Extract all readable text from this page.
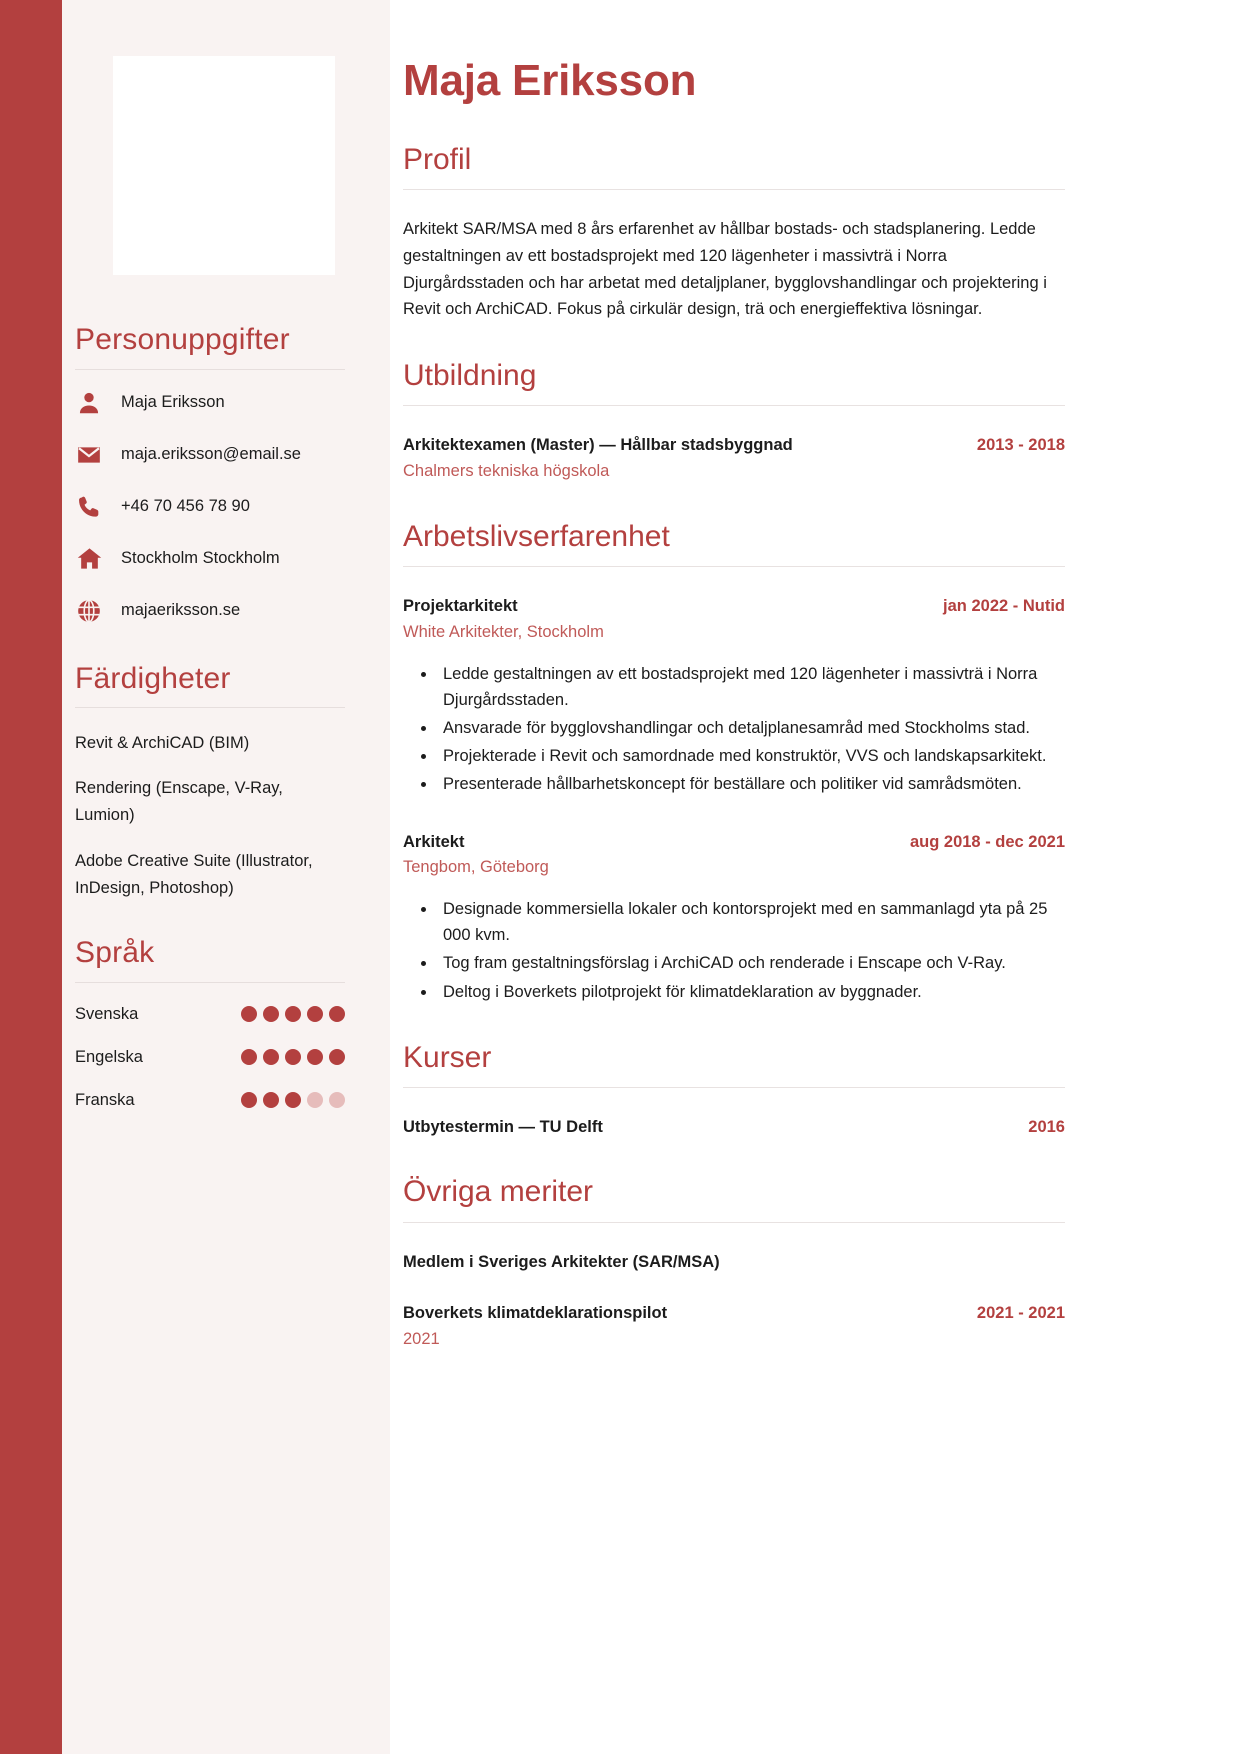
Personuppgifter
Maja Eriksson
maja.eriksson@email.se
+46 70 456 78 90
Stockholm Stockholm
majaeriksson.se
Färdigheter
Revit & ArchiCAD (BIM)
Rendering (Enscape, V-Ray, Lumion)
Adobe Creative Suite (Illustrator, InDesign, Photoshop)
Språk
Svenska
Engelska
Franska
Maja Eriksson
Profil

Arkitekt SAR/MSA med 8 års erfarenhet av hållbar bostads- och stadsplanering. Ledde gestaltningen av ett bostadsprojekt med 120 lägenheter i massivträ i Norra Djurgårdsstaden och har arbetat med detaljplaner, bygglovshandlingar och projektering i Revit och ArchiCAD. Fokus på cirkulär design, trä och energieffektiva lösningar.

Utbildning
Arkitektexamen (Master) — Hållbar stadsbyggnad	2013 - 2018
Chalmers tekniska högskola
Arbetslivserfarenhet
Projektarkitekt	jan 2022 - Nutid
White Arkitekter, Stockholm
• Ledde gestaltningen av ett bostadsprojekt med 120 lägenheter i massivträ i Norra Djurgårdsstaden.
• Ansvarade för bygglovshandlingar och detaljplanesamråd med Stockholms stad.
• Projekterade i Revit och samordnade med konstruktör, VVS och landskapsarkitekt.
• Presenterade hållbarhetskoncept för beställare och politiker vid samrådsmöten.
Arkitekt	aug 2018 - dec 2021
Tengbom, Göteborg
• Designade kommersiella lokaler och kontorsprojekt med en sammanlagd yta på 25 000 kvm.
• Tog fram gestaltningsförslag i ArchiCAD och renderade i Enscape och V-Ray.
• Deltog i Boverkets pilotprojekt för klimatdeklaration av byggnader.
Kurser
Utbytestermin — TU Delft	2016
Övriga meriter
Medlem i Sveriges Arkitekter (SAR/MSA)
Boverkets klimatdeklarationspilot	2021 - 2021
2021
